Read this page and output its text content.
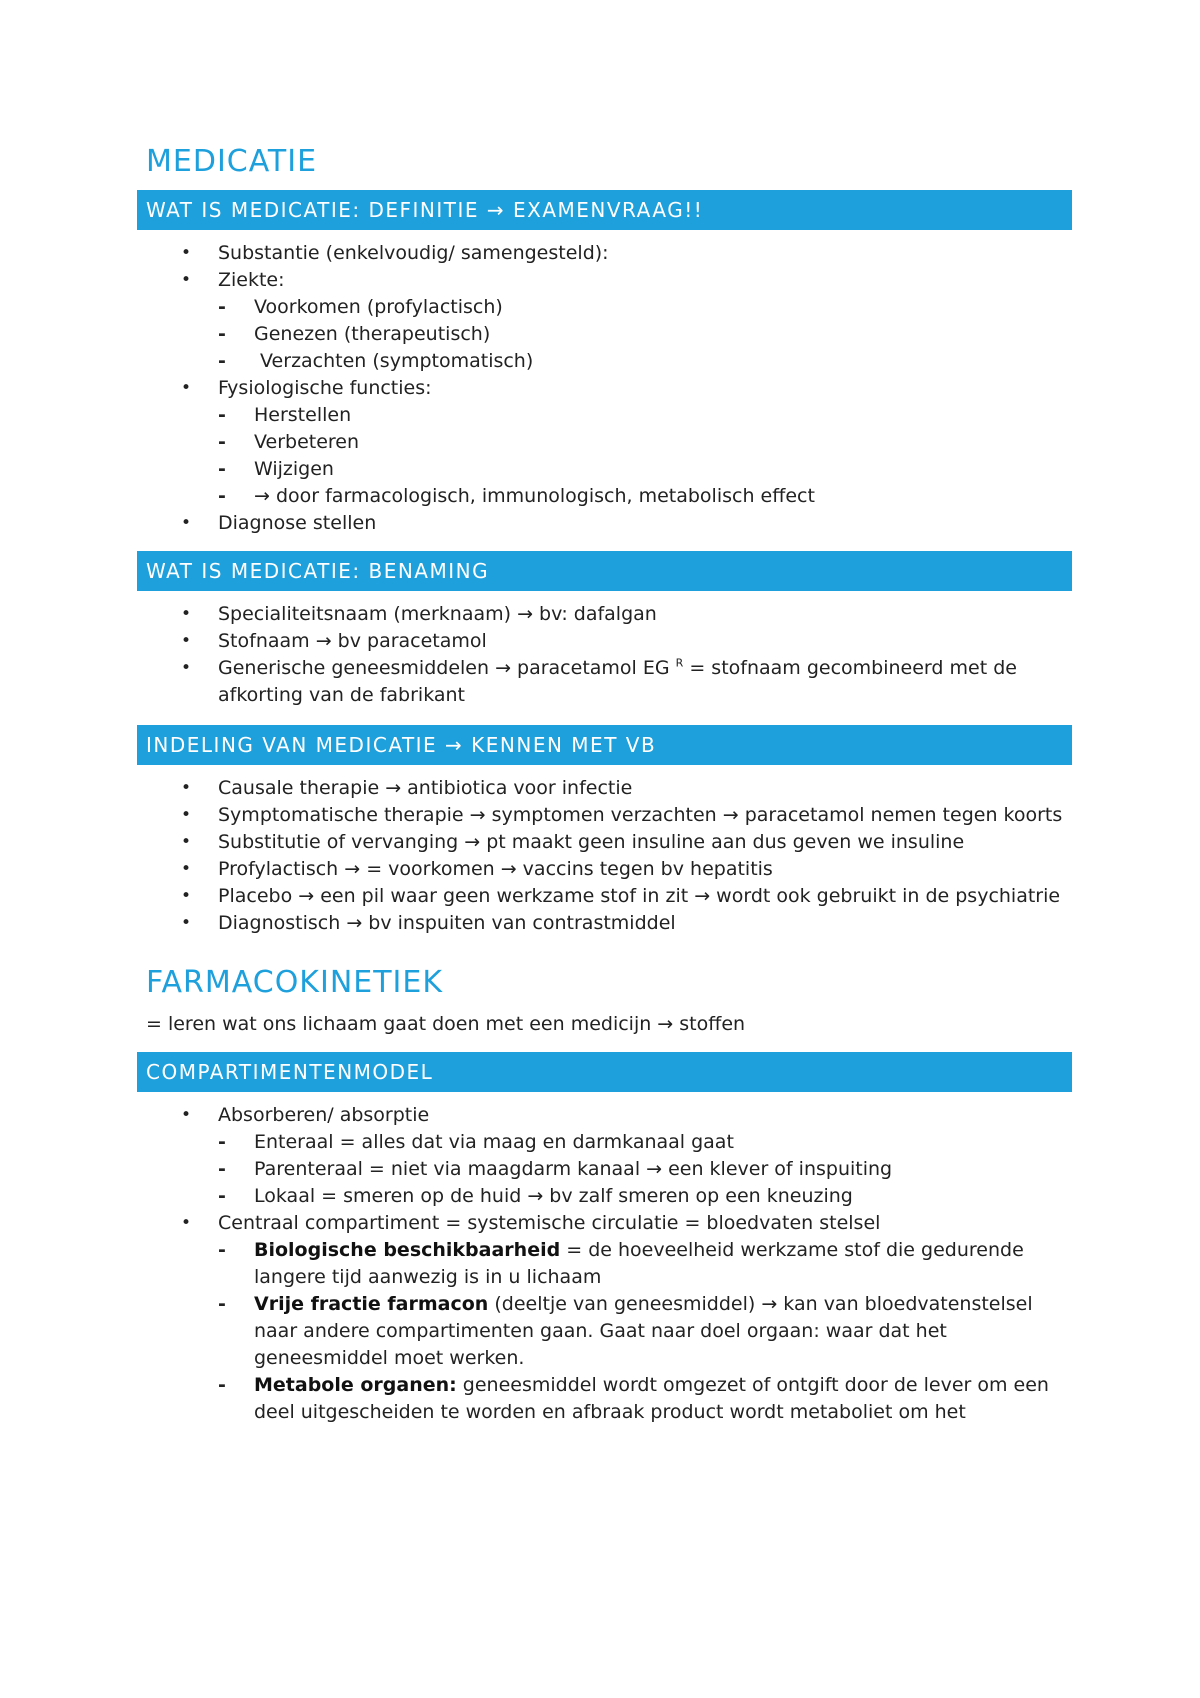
MEDICATIE
WAT IS MEDICATIE: DEFINITIE → EXAMENVRAAG!!
• Substantie (enkelvoudig/ samengesteld):
• Ziekte:
- Voorkomen (profylactisch)
- Genezen (therapeutisch)
- Verzachten (symptomatisch)
• Fysiologische functies:
- Herstellen
- Verbeteren
- Wijzigen
- → door farmacologisch, immunologisch, metabolisch effect
• Diagnose stellen
WAT IS MEDICATIE: BENAMING
• Specialiteitsnaam (merknaam) → bv: dafalgan
• Stofnaam → bv paracetamol
• Generische geneesmiddelen → paracetamol EG $^R$ = stofnaam gecombineerd met de afkorting van de fabrikant
INDELING VAN MEDICATIE → KENNEN MET VB
• Causale therapie → antibiotica voor infectie
• Symptomatische therapie → symptomen verzachten → paracetamol nemen tegen koorts
• Substitutie of vervanging → pt maakt geen insuline aan dus geven we insuline
• Profylactisch → = voorkomen → vaccins tegen bv hepatitis
• Placebo → een pil waar geen werkzame stof in zit → wordt ook gebruikt in de psychiatrie
• Diagnostisch → bv inspuiten van contrastmiddel
FARMACOKINETIEK

= leren wat ons lichaam gaat doen met een medicijn → stoffen

COMPARTIMENTENMODEL
• Absorberen/ absorptie
- Enteraal = alles dat via maag en darmkanaal gaat
- Parenteraal = niet via maagdarm kanaal → een klever of inspuiting
- Lokaal = smeren op de huid → bv zalf smeren op een kneuzing
• Centraal compartiment = systemische circulatie = bloedvaten stelsel
- Biologische beschikbaarheid = de hoeveelheid werkzame stof die gedurende langere tijd aanwezig is in u lichaam
- Vrije fractie farmacon (deeltje van geneesmiddel) → kan van bloedvatenstelsel naar andere compartimenten gaan. Gaat naar doel orgaan: waar dat het geneesmiddel moet werken.
- Metabole organen: geneesmiddel wordt omgezet of ontgift door de lever om een deel uitgescheiden te worden en afbraak product wordt metaboliet om het
